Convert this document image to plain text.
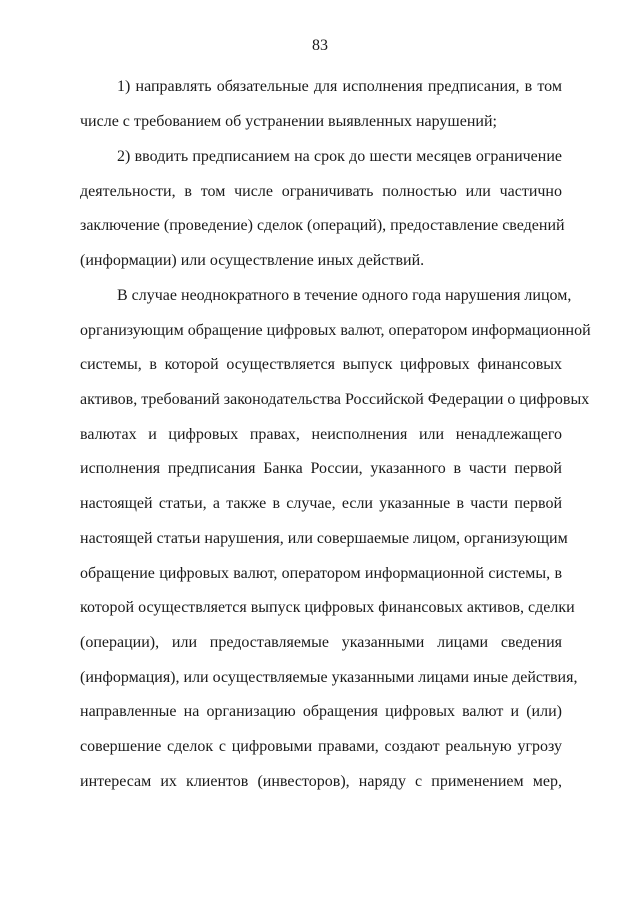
83
1) направлять обязательные для исполнения предписания, в том
числе с требованием об устранении выявленных нарушений;
2) вводить предписанием на срок до шести месяцев ограничение
деятельности, в том числе ограничивать полностью или частично
заключение (проведение) сделок (операций), предоставление сведений
(информации) или осуществление иных действий.
В случае неоднократного в течение одного года нарушения лицом,
организующим обращение цифровых валют, оператором информационной
системы, в которой осуществляется выпуск цифровых финансовых
активов, требований законодательства Российской Федерации о цифровых
валютах и цифровых правах, неисполнения или ненадлежащего
исполнения предписания Банка России, указанного в части первой
настоящей статьи, а также в случае, если указанные в части первой
настоящей статьи нарушения, или совершаемые лицом, организующим
обращение цифровых валют, оператором информационной системы, в
которой осуществляется выпуск цифровых финансовых активов, сделки
(операции), или предоставляемые указанными лицами сведения
(информация), или осуществляемые указанными лицами иные действия,
направленные на организацию обращения цифровых валют и (или)
совершение сделок с цифровыми правами, создают реальную угрозу
интересам их клиентов (инвесторов), наряду с применением мер,
